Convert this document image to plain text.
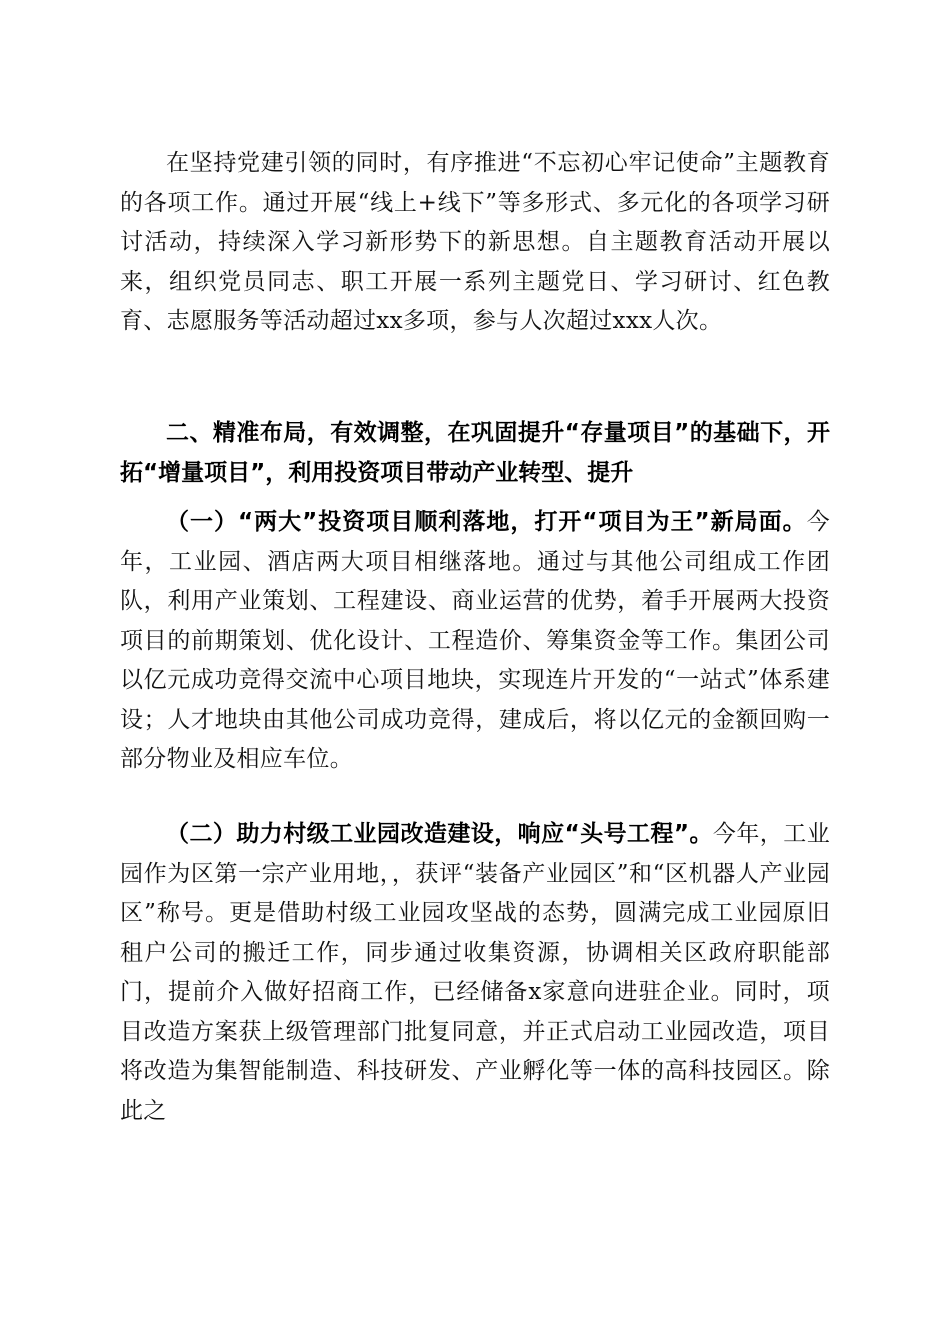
在坚持党建引领的同时，有序推进“不忘初心牢记使命”主题教育的各项工作。通过开展“线上+线下”等多形式、多元化的各项学习研讨活动，持续深入学习新形势下的新思想。自主题教育活动开展以来，组织党员同志、职工开展一系列主题党日、学习研讨、红色教育、志愿服务等活动超过xx多项，参与人次超过xxx人次。

二、精准布局，有效调整，在巩固提升“存量项目”的基础下，开拓“增量项目”，利用投资项目带动产业转型、提升

（一）“两大”投资项目顺利落地，打开“项目为王”新局面。今年，工业园、酒店两大项目相继落地。通过与其他公司组成工作团队，利用产业策划、工程建设、商业运营的优势，着手开展两大投资项目的前期策划、优化设计、工程造价、筹集资金等工作。集团公司以亿元成功竞得交流中心项目地块，实现连片开发的“一站式”体系建设；人才地块由其他公司成功竞得，建成后，将以亿元的金额回购一部分物业及相应车位。

（二）助力村级工业园改造建设，响应“头号工程”。今年，工业园作为区第一宗产业用地，，获评“装备产业园区”和“区机器人产业园区”称号。更是借助村级工业园攻坚战的态势，圆满完成工业园原旧租户公司的搬迁工作，同步通过收集资源，协调相关区政府职能部门，提前介入做好招商工作，已经储备x家意向进驻企业。同时，项目改造方案获上级管理部门批复同意，并正式启动工业园改造，项目将改造为集智能制造、科技研发、产业孵化等一体的高科技园区。除此之
